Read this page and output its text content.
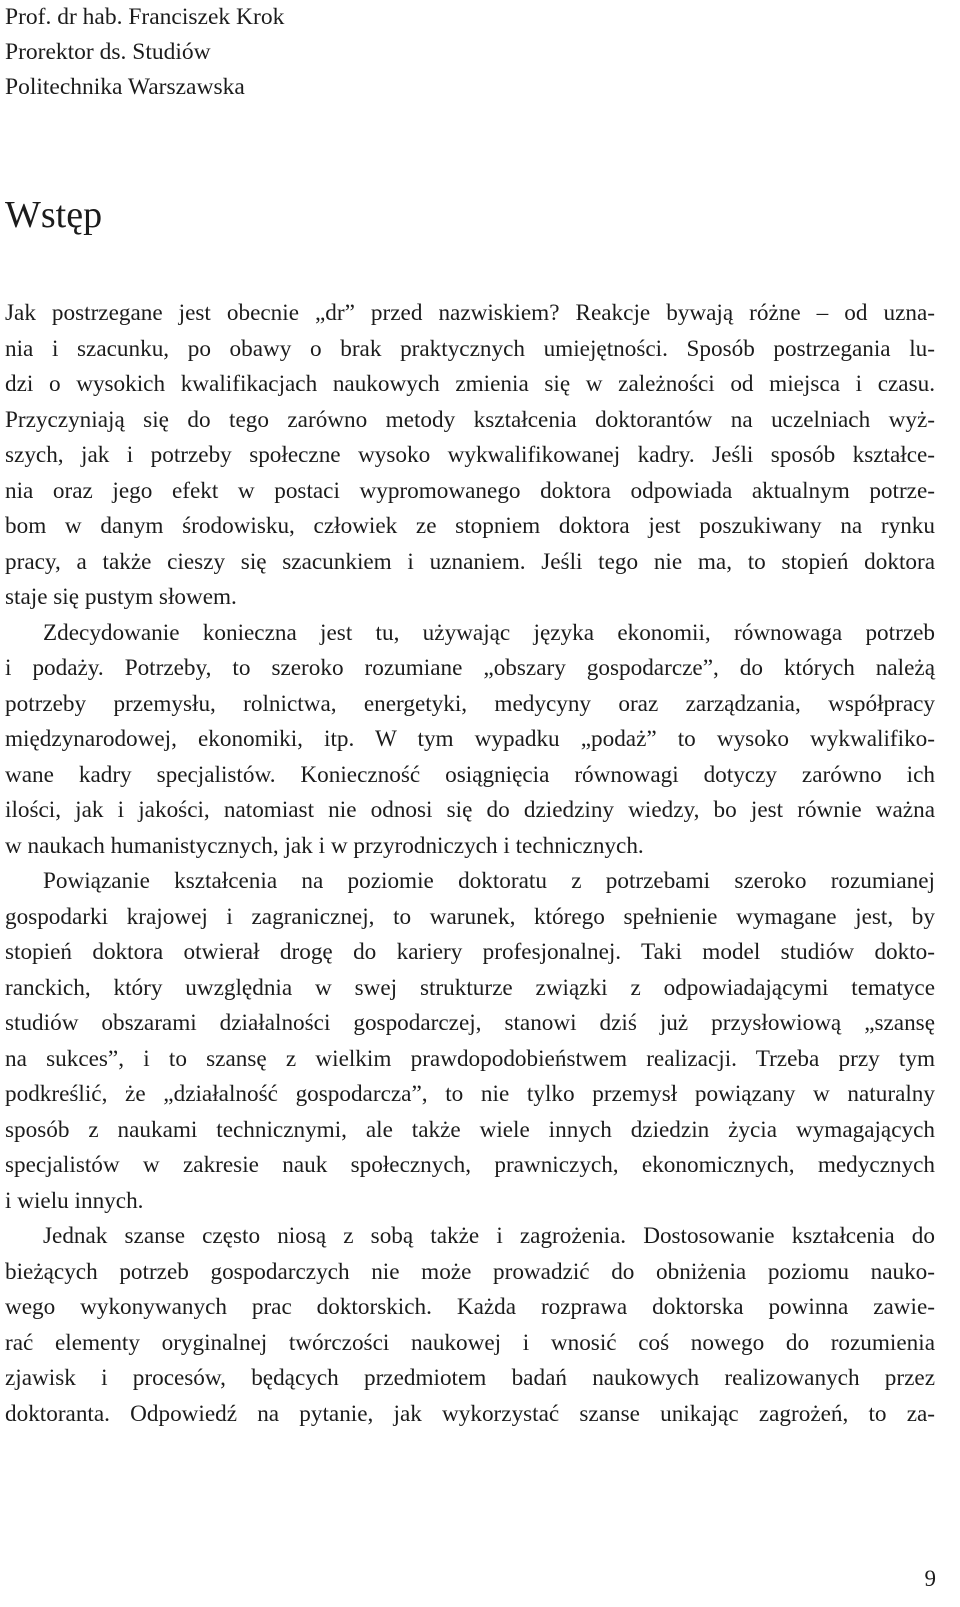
Prof. dr hab. Franciszek Krok
Prorektor ds. Studiów
Politechnika Warszawska
Wstęp
Jak postrzegane jest obecnie „dr” przed nazwiskiem? Reakcje bywają różne – od uzna-
nia i szacunku, po obawy o brak praktycznych umiejętności. Sposób postrzegania lu-
dzi o wysokich kwalifikacjach naukowych zmienia się w zależności od miejsca i czasu.
Przyczyniają się do tego zarówno metody kształcenia doktorantów na uczelniach wyż-
szych, jak i potrzeby społeczne wysoko wykwalifikowanej kadry. Jeśli sposób kształce-
nia oraz jego efekt w postaci wypromowanego doktora odpowiada aktualnym potrze-
bom w danym środowisku, człowiek ze stopniem doktora jest poszukiwany na rynku
pracy, a także cieszy się szacunkiem i uznaniem. Jeśli tego nie ma, to stopień doktora
staje się pustym słowem.
Zdecydowanie konieczna jest tu, używając języka ekonomii, równowaga potrzeb
i podaży. Potrzeby, to szeroko rozumiane „obszary gospodarcze”, do których należą
potrzeby przemysłu, rolnictwa, energetyki, medycyny oraz zarządzania, współpracy
międzynarodowej, ekonomiki, itp. W tym wypadku „podaż” to wysoko wykwalifiko-
wane kadry specjalistów. Konieczność osiągnięcia równowagi dotyczy zarówno ich
ilości, jak i jakości, natomiast nie odnosi się do dziedziny wiedzy, bo jest równie ważna
w naukach humanistycznych, jak i w przyrodniczych i technicznych.
Powiązanie kształcenia na poziomie doktoratu z potrzebami szeroko rozumianej
gospodarki krajowej i zagranicznej, to warunek, którego spełnienie wymagane jest, by
stopień doktora otwierał drogę do kariery profesjonalnej. Taki model studiów dokto-
ranckich, który uwzględnia w swej strukturze związki z odpowiadającymi tematyce
studiów obszarami działalności gospodarczej, stanowi dziś już przysłowiową „szansę
na sukces”, i to szansę z wielkim prawdopodobieństwem realizacji. Trzeba przy tym
podkreślić, że „działalność gospodarcza”, to nie tylko przemysł powiązany w naturalny
sposób z naukami technicznymi, ale także wiele innych dziedzin życia wymagających
specjalistów w zakresie nauk społecznych, prawniczych, ekonomicznych, medycznych
i wielu innych.
Jednak szanse często niosą z sobą także i zagrożenia. Dostosowanie kształcenia do
bieżących potrzeb gospodarczych nie może prowadzić do obniżenia poziomu nauko-
wego wykonywanych prac doktorskich. Każda rozprawa doktorska powinna zawie-
rać elementy oryginalnej twórczości naukowej i wnosić coś nowego do rozumienia
zjawisk i procesów, będących przedmiotem badań naukowych realizowanych przez
doktoranta. Odpowiedź na pytanie, jak wykorzystać szanse unikając zagrożeń, to za-
9
